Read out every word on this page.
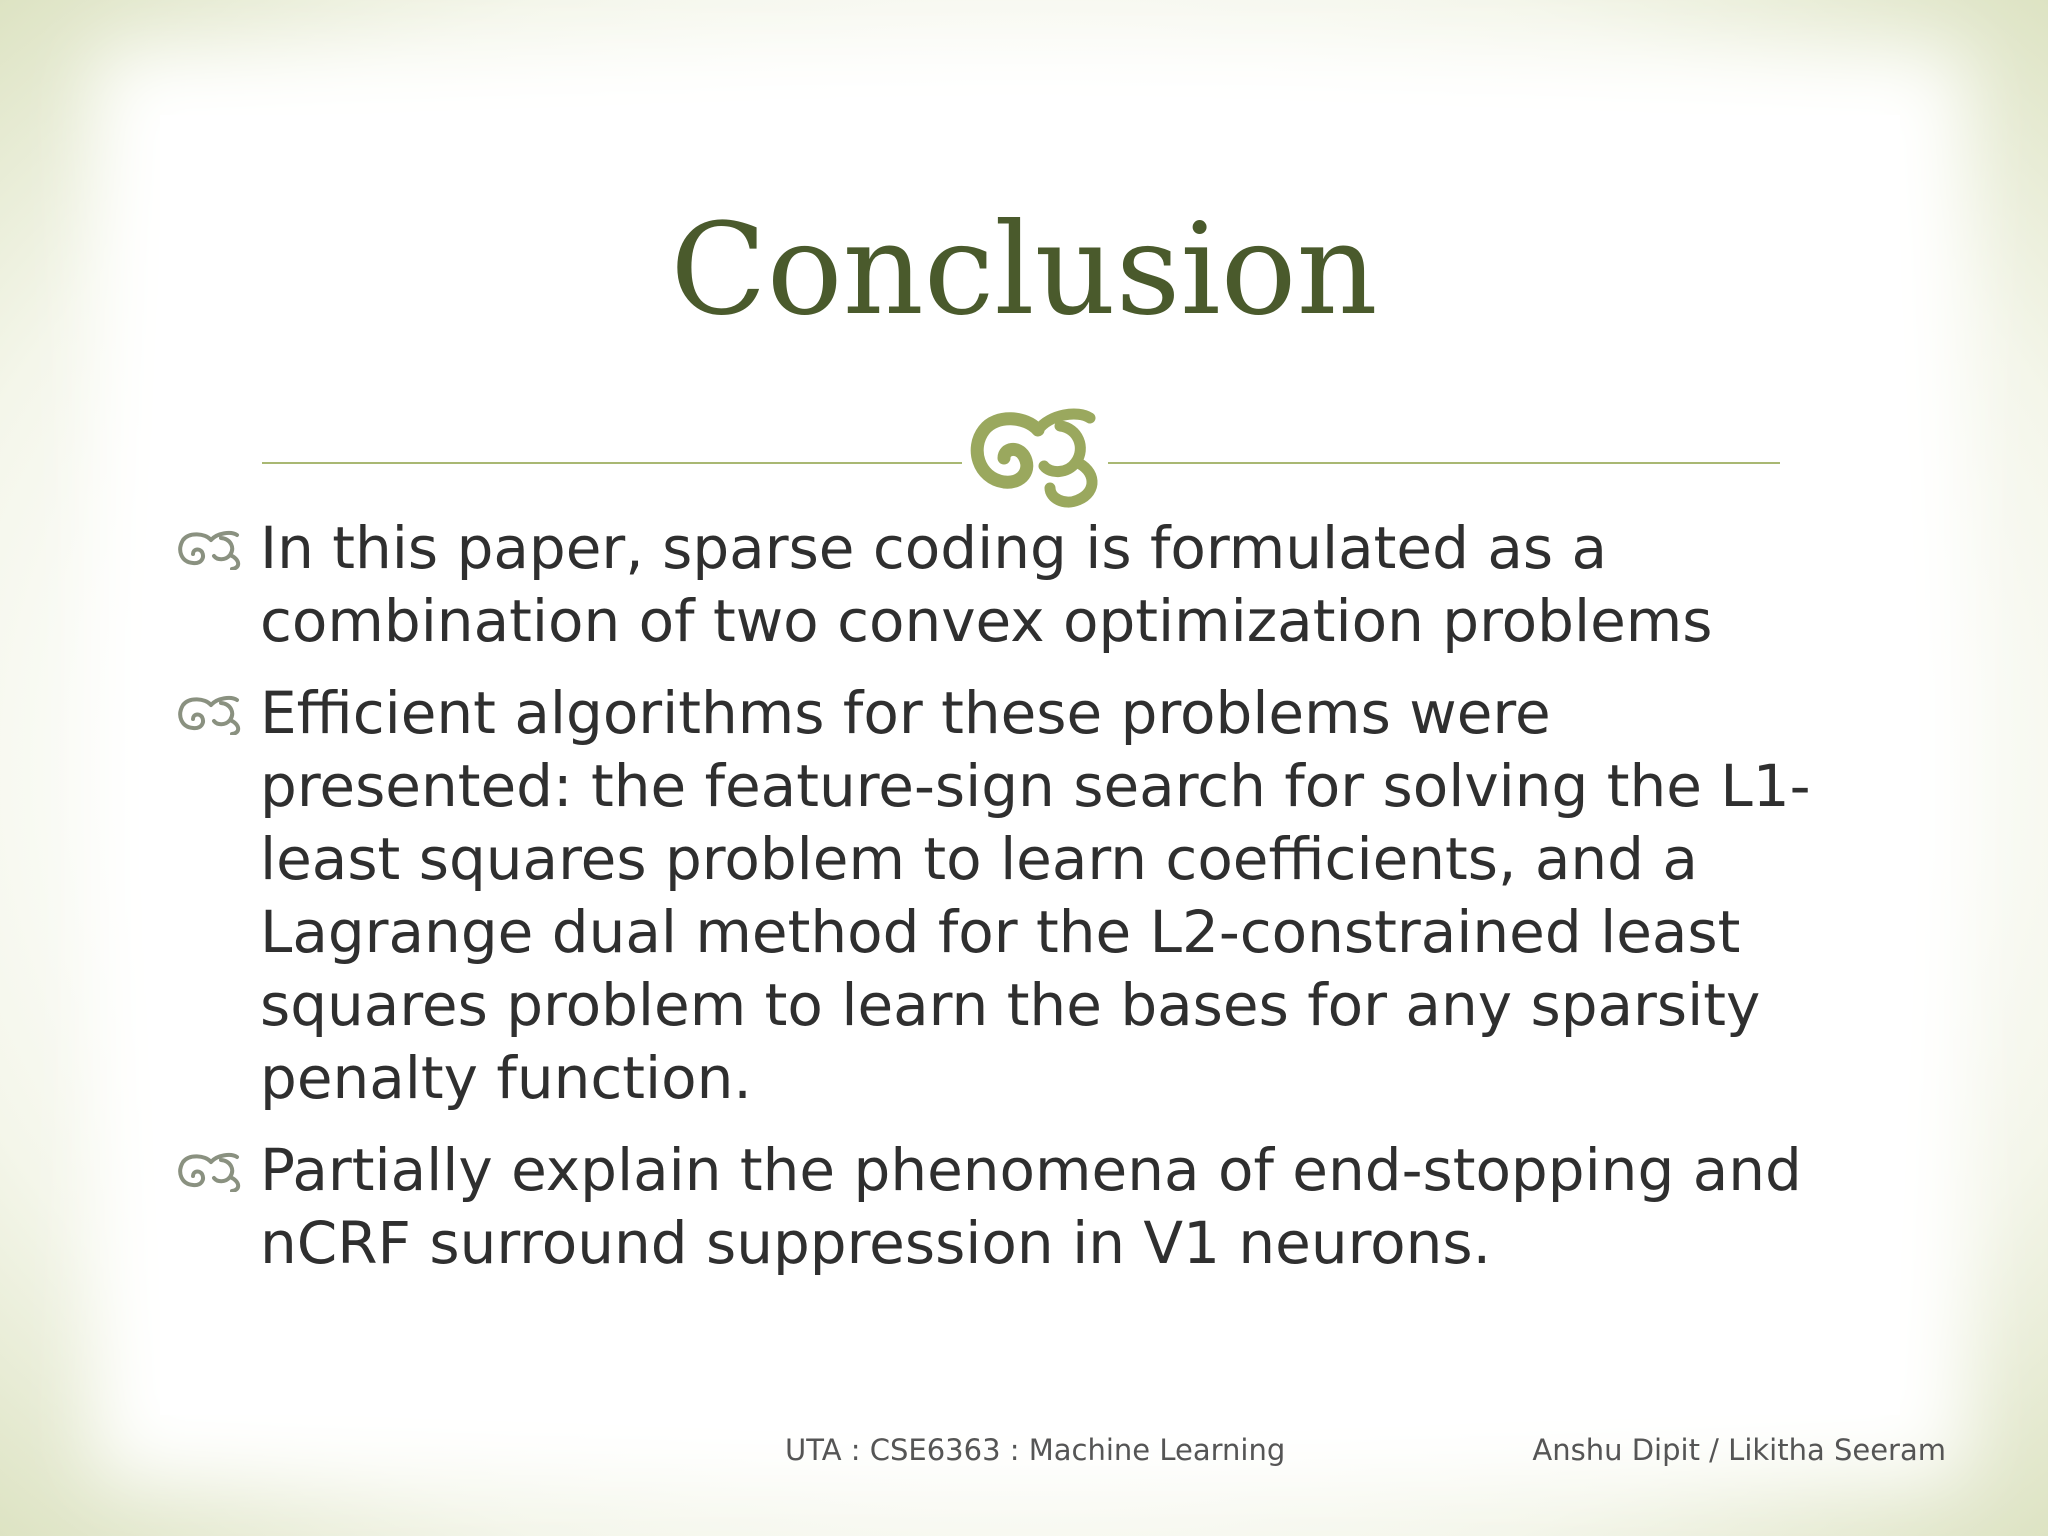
Conclusion
In this paper, sparse coding is formulated as a combination of two convex optimization problems
Efficient algorithms for these problems were presented: the feature-sign search for solving the L1-least squares problem to learn coefficients, and a Lagrange dual method for the L2-constrained least squares problem to learn the bases for any sparsity penalty function.
Partially explain the phenomena of end-stopping and nCRF surround suppression in V1 neurons.
UTA : CSE6363 : Machine Learning	Anshu Dipit / Likitha Seeram
